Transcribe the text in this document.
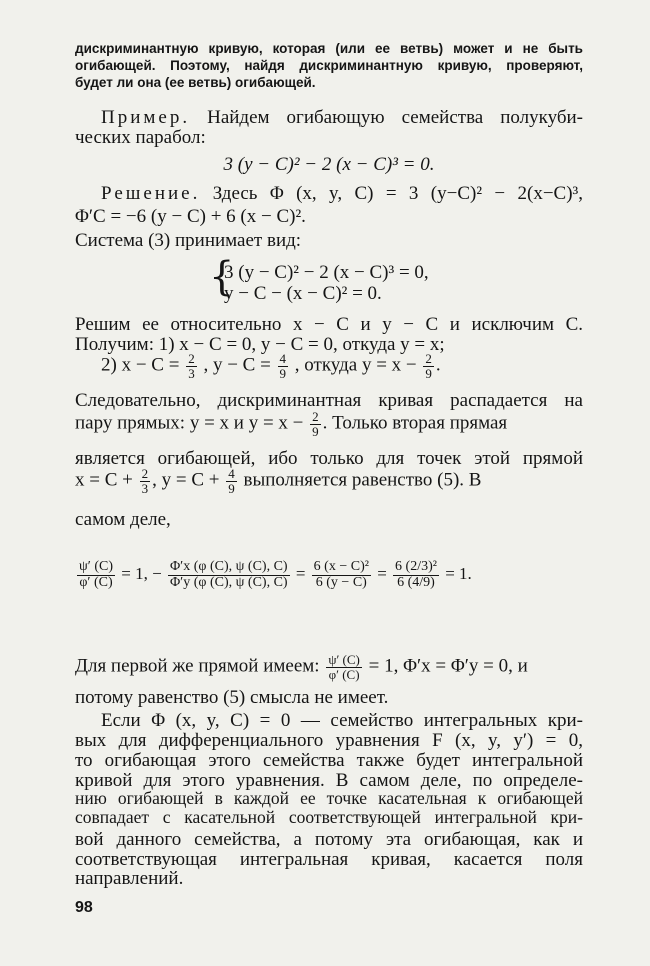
дискриминантную кривую, которая (или ее ветвь) может и не быть
огибающей. Поэтому, найдя дискриминантную кривую, проверяют,
будет ли она (ее ветвь) огибающей.
Пример. Найдем огибающую семейства полукуби-
ческих парабол:
3 (y − C)² − 2 (x − C)³ = 0.
Решение. Здесь Φ (x, y, C) = 3 (y−C)² − 2(x−C)³,
Φ′C = −6 (y − C) + 6 (x − C)².
Система (3) принимает вид:
{
3 (y − C)² − 2 (x − C)³ = 0,
y − C − (x − C)² = 0.
Решим ее относительно x − C и y − C и исключим C.
Получим: 1) x − C = 0, y − C = 0, откуда y = x;
2) $x - C = \frac{2}{3}$ , $y - C = \frac{4}{9}$ , откуда $y = x - \frac{2}{9}$ .
Следовательно, дискриминантная кривая распадается на
пару прямых: y = x и $y = x - \frac{2}{9}$ . Только вторая прямая
является огибающей, ибо только для точек этой прямой
$x = C + \frac{2}{3}$ , $y = C + \frac{4}{9}$ выполняется равенство (5). В
самом деле,
$\frac{\psi' (C)}{\varphi' (C)} = 1$, − $\frac{\Phi'x (\varphi (C), \psi (C), C)}{\Phi'y (\varphi (C), \psi (C), C)} = \frac{\text{6 (x − C)²}}{6 (y - C)} = \frac{\text{6 (2/3)²}}{6 (4/9)} = 1$.
Для первой же прямой имеем: $\frac{\psi' (C)}{\varphi' (C)} = 1$, Φ′x = Φ′y = 0, и
потому равенство (5) смысла не имеет.
Если Φ (x, y, C) = 0 — семейство интегральных кри-
вых для дифференциального уравнения F (x, y, y′) = 0,
то огибающая этого семейства также будет интегральной
кривой для этого уравнения. В самом деле, по определе-
нию огибающей в каждой ее точке касательная к огибающей
совпадает с касательной соответствующей интегральной кри-
вой данного семейства, а потому эта огибающая, как и
соответствующая интегральная кривая, касается поля
направлений.
98
